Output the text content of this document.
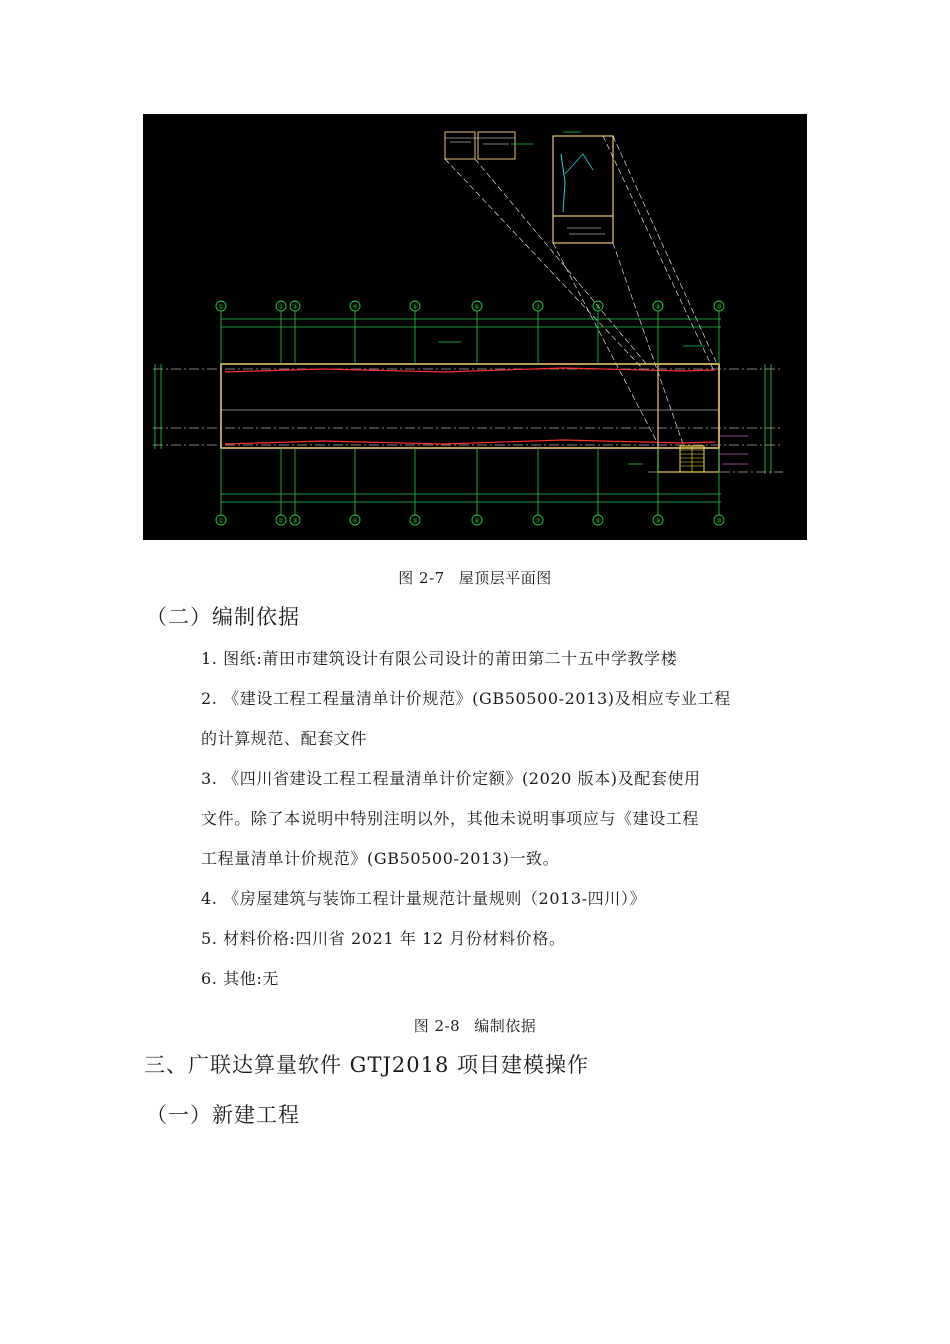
①	② ③	④	⑤	⑥	⑦	⑧	⑨	⑩
①	② ③	④	⑤	⑥	⑦	⑧	⑨	⑩
图 2-7 屋顶层平面图
（二）编制依据
1. 图纸:莆田市建筑设计有限公司设计的莆田第二十五中学教学楼
2. 《建设工程工程量清单计价规范》(GB50500-2013)及相应专业工程
的计算规范、配套文件
3. 《四川省建设工程工程量清单计价定额》(2020 版本)及配套使用
文件。除了本说明中特别注明以外，其他未说明事项应与《建设工程
工程量清单计价规范》(GB50500-2013)一致。
4. 《房屋建筑与装饰工程计量规范计量规则（2013-四川）》
5. 材料价格:四川省 2021 年 12 月份材料价格。
6. 其他:无
图 2-8 编制依据
三、广联达算量软件 GTJ2018 项目建模操作
（一）新建工程
